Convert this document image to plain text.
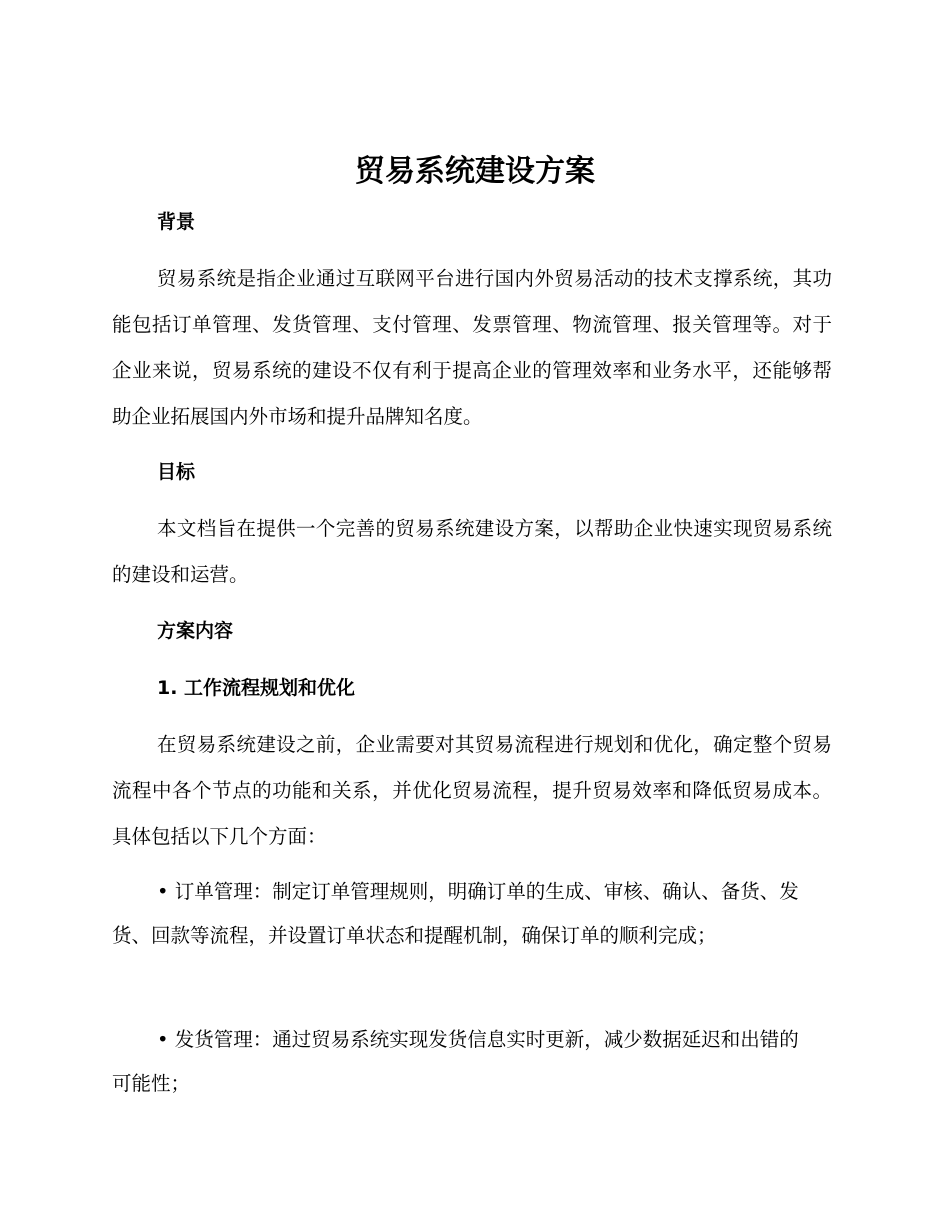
贸易系统建设方案
背景

贸易系统是指企业通过互联网平台进行国内外贸易活动的技术支撑系统，其功能包括订单管理、发货管理、支付管理、发票管理、物流管理、报关管理等。对于企业来说，贸易系统的建设不仅有利于提高企业的管理效率和业务水平，还能够帮助企业拓展国内外市场和提升品牌知名度。

目标

本文档旨在提供一个完善的贸易系统建设方案，以帮助企业快速实现贸易系统的建设和运营。

方案内容
1. 工作流程规划和优化

在贸易系统建设之前，企业需要对其贸易流程进行规划和优化，确定整个贸易流程中各个节点的功能和关系，并优化贸易流程，提升贸易效率和降低贸易成本。具体包括以下几个方面：

• 订单管理：制定订单管理规则，明确订单的生成、审核、确认、备货、发货、回款等流程，并设置订单状态和提醒机制，确保订单的顺利完成；

• 发货管理：通过贸易系统实现发货信息实时更新，减少数据延迟和出错的可能性；
